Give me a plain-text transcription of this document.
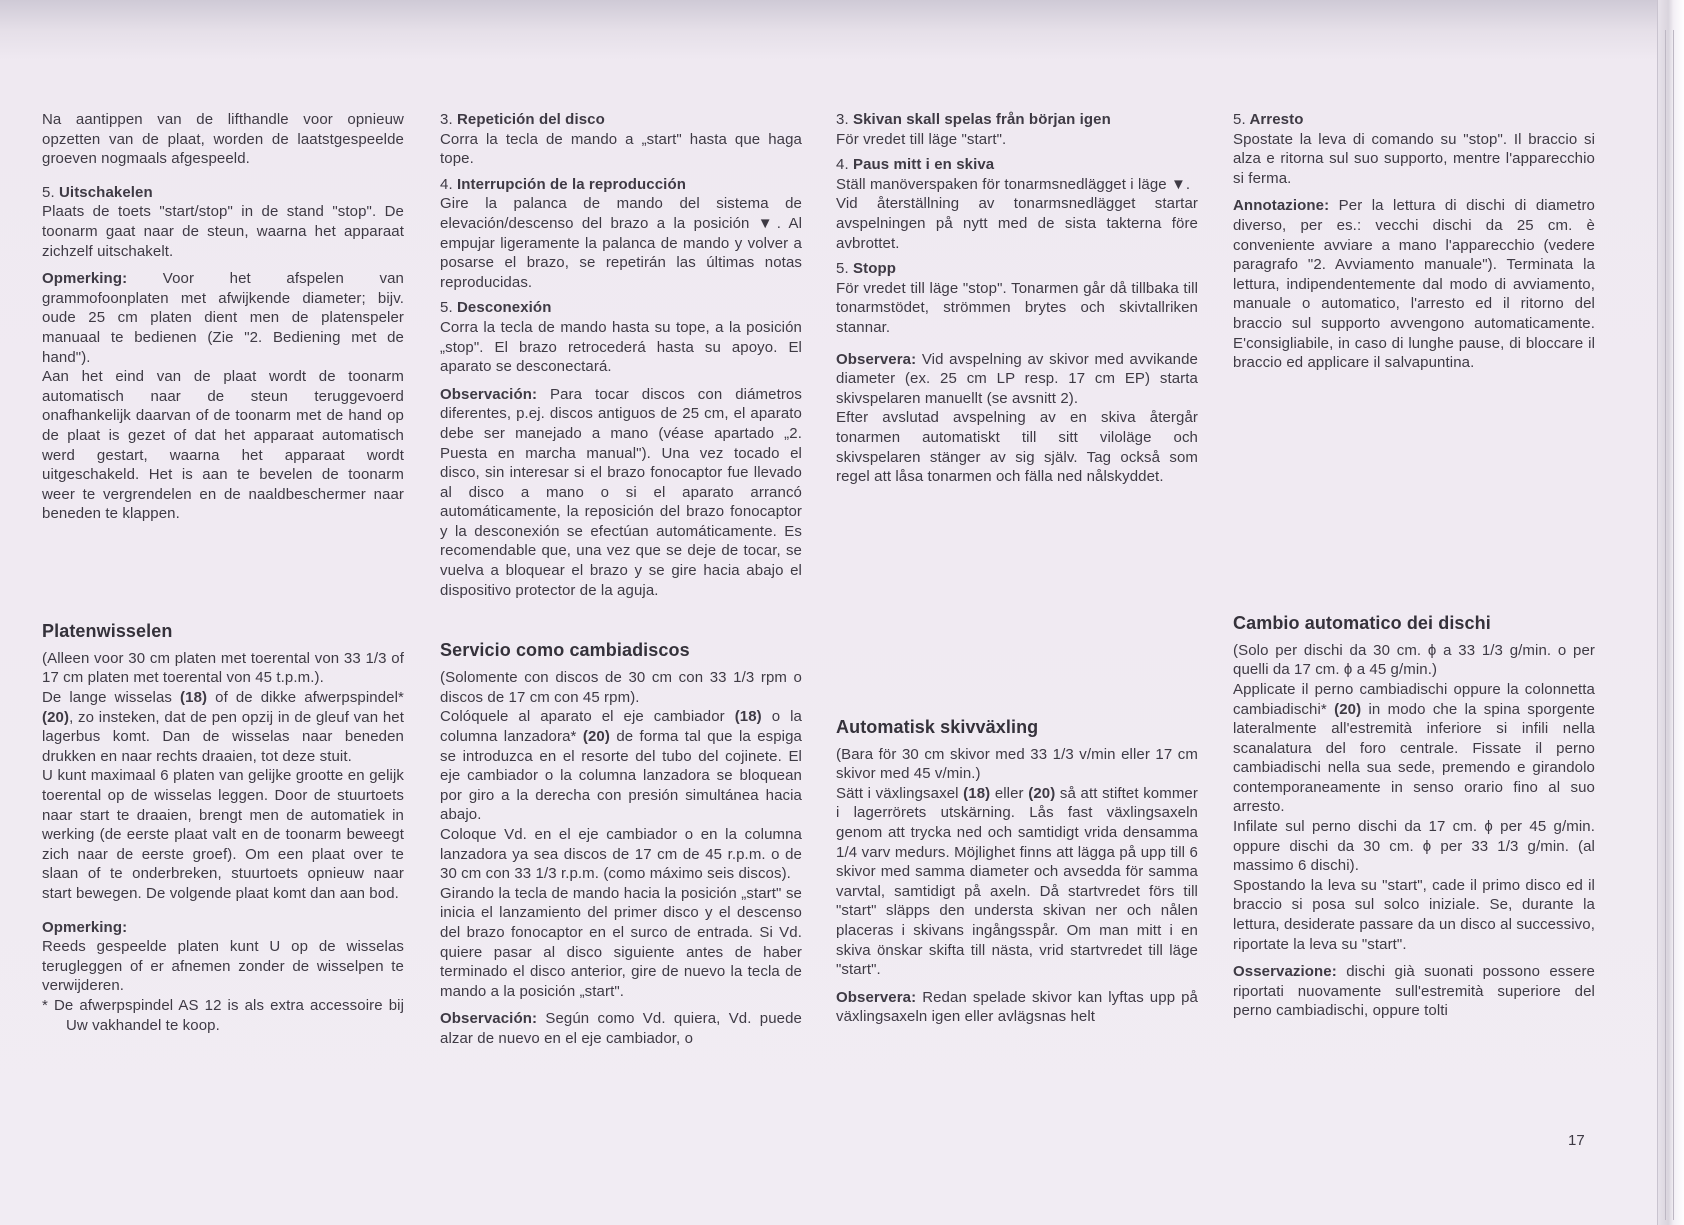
Na aantippen van de lifthandle voor opnieuw opzetten van de plaat, worden de laatstgespeelde groeven nogmaals afgespeeld.

5. Uitschakelen

Plaats de toets "start/stop" in de stand "stop". De toonarm gaat naar de steun, waarna het apparaat zichzelf uitschakelt.

Opmerking: Voor het afspelen van grammofoonplaten met afwijkende diameter; bijv. oude 25 cm platen dient men de platenspeler manuaal te bedienen (Zie "2. Bediening met de hand").

Aan het eind van de plaat wordt de toonarm automatisch naar de steun teruggevoerd onafhankelijk daarvan of de toonarm met de hand op de plaat is gezet of dat het apparaat automatisch werd gestart, waarna het apparaat wordt uitgeschakeld. Het is aan te bevelen de toonarm weer te vergrendelen en de naaldbeschermer naar beneden te klappen.

Platenwisselen

(Alleen voor 30 cm platen met toerental von 33 1/3 of 17 cm platen met toerental von 45 t.p.m.).

De lange wisselas (18) of de dikke afwerpspindel* (20), zo insteken, dat de pen opzij in de gleuf van het lagerbus komt. Dan de wisselas naar beneden drukken en naar rechts draaien, tot deze stuit.

U kunt maximaal 6 platen van gelijke grootte en gelijk toerental op de wisselas leggen. Door de stuurtoets naar start te draaien, brengt men de automatiek in werking (de eerste plaat valt en de toonarm beweegt zich naar de eerste groef). Om een plaat over te slaan of te onderbreken, stuurtoets opnieuw naar start bewegen. De volgende plaat komt dan aan bod.

Opmerking:

Reeds gespeelde platen kunt U op de wisselas terugleggen of er afnemen zonder de wisselpen te verwijderen.

* De afwerpspindel AS 12 is als extra accessoire bij Uw vakhandel te koop.

3. Repetición del disco

Corra la tecla de mando a „start" hasta que haga tope.

4. Interrupción de la reproducción

Gire la palanca de mando del sistema de elevación/descenso del brazo a la posición ▼. Al empujar ligeramente la palanca de mando y volver a posarse el brazo, se repetirán las últimas notas reproducidas.

5. Desconexión

Corra la tecla de mando hasta su tope, a la posición „stop". El brazo retrocederá hasta su apoyo. El aparato se desconectará.

Observación: Para tocar discos con diámetros diferentes, p.ej. discos antiguos de 25 cm, el aparato debe ser manejado a mano (véase apartado „2. Puesta en marcha manual"). Una vez tocado el disco, sin interesar si el brazo fonocaptor fue llevado al disco a mano o si el aparato arrancó automáticamente, la reposición del brazo fonocaptor y la desconexión se efectúan automáticamente. Es recomendable que, una vez que se deje de tocar, se vuelva a bloquear el brazo y se gire hacia abajo el dispositivo protector de la aguja.

Servicio como cambiadiscos

(Solomente con discos de 30 cm con 33 1/3 rpm o discos de 17 cm con 45 rpm).

Colóquele al aparato el eje cambiador (18) o la columna lanzadora* (20) de forma tal que la espiga se introduzca en el resorte del tubo del cojinete. El eje cambiador o la columna lanzadora se bloquean por giro a la derecha con presión simultánea hacia abajo.

Coloque Vd. en el eje cambiador o en la columna lanzadora ya sea discos de 17 cm de 45 r.p.m. o de 30 cm con 33 1/3 r.p.m. (como máximo seis discos).

Girando la tecla de mando hacia la posición „start" se inicia el lanzamiento del primer disco y el descenso del brazo fonocaptor en el surco de entrada. Si Vd. quiere pasar al disco siguiente antes de haber terminado el disco anterior, gire de nuevo la tecla de mando a la posición „start".

Observación: Según como Vd. quiera, Vd. puede alzar de nuevo en el eje cambiador, o

3. Skivan skall spelas från början igen

För vredet till läge "start".

4. Paus mitt i en skiva

Ställ manöverspaken för tonarmsnedlägget i läge ▼.

Vid återställning av tonarmsnedlägget startar avspelningen på nytt med de sista takterna före avbrottet.

5. Stopp

För vredet till läge "stop". Tonarmen går då tillbaka till tonarmstödet, strömmen brytes och skivtallriken stannar.

Observera: Vid avspelning av skivor med avvikande diameter (ex. 25 cm LP resp. 17 cm EP) starta skivspelaren manuellt (se avsnitt 2).

Efter avslutad avspelning av en skiva återgår tonarmen automatiskt till sitt viloläge och skivspelaren stänger av sig själv. Tag också som regel att låsa tonarmen och fälla ned nålskyddet.

Automatisk skivväxling

(Bara för 30 cm skivor med 33 1/3 v/min eller 17 cm skivor med 45 v/min.)

Sätt i växlingsaxel (18) eller (20) så att stiftet kommer i lagerrörets utskärning. Lås fast växlingsaxeln genom att trycka ned och samtidigt vrida densamma 1/4 varv medurs. Möjlighet finns att lägga på upp till 6 skivor med samma diameter och avsedda för samma varvtal, samtidigt på axeln. Då startvredet förs till "start" släpps den understa skivan ner och nålen placeras i skivans ingångsspår. Om man mitt i en skiva önskar skifta till nästa, vrid startvredet till läge "start".

Observera: Redan spelade skivor kan lyftas upp på växlingsaxeln igen eller avlägsnas helt

5. Arresto

Spostate la leva di comando su "stop". Il braccio si alza e ritorna sul suo supporto, mentre l'apparecchio si ferma.

Annotazione: Per la lettura di dischi di diametro diverso, per es.: vecchi dischi da 25 cm. è conveniente avviare a mano l'apparecchio (vedere paragrafo "2. Avviamento manuale"). Terminata la lettura, indipendentemente dal modo di avviamento, manuale o automatico, l'arresto ed il ritorno del braccio sul supporto avvengono automaticamente. E'consigliabile, in caso di lunghe pause, di bloccare il braccio ed applicare il salvapuntina.

Cambio automatico dei dischi

(Solo per dischi da 30 cm. ϕ a 33 1/3 g/min. o per quelli da 17 cm. ϕ a 45 g/min.)

Applicate il perno cambiadischi oppure la colonnetta cambiadischi* (20) in modo che la spina sporgente lateralmente all'estremità inferiore si infili nella scanalatura del foro centrale. Fissate il perno cambiadischi nella sua sede, premendo e girandolo contemporaneamente in senso orario fino al suo arresto.

Infilate sul perno dischi da 17 cm. ϕ per 45 g/min. oppure dischi da 30 cm. ϕ per 33 1/3 g/min. (al massimo 6 dischi).

Spostando la leva su "start", cade il primo disco ed il braccio si posa sul solco iniziale. Se, durante la lettura, desiderate passare da un disco al successivo, riportate la leva su "start".

Osservazione: dischi già suonati possono essere riportati nuovamente sull'estremità superiore del perno cambiadischi, oppure tolti

17
